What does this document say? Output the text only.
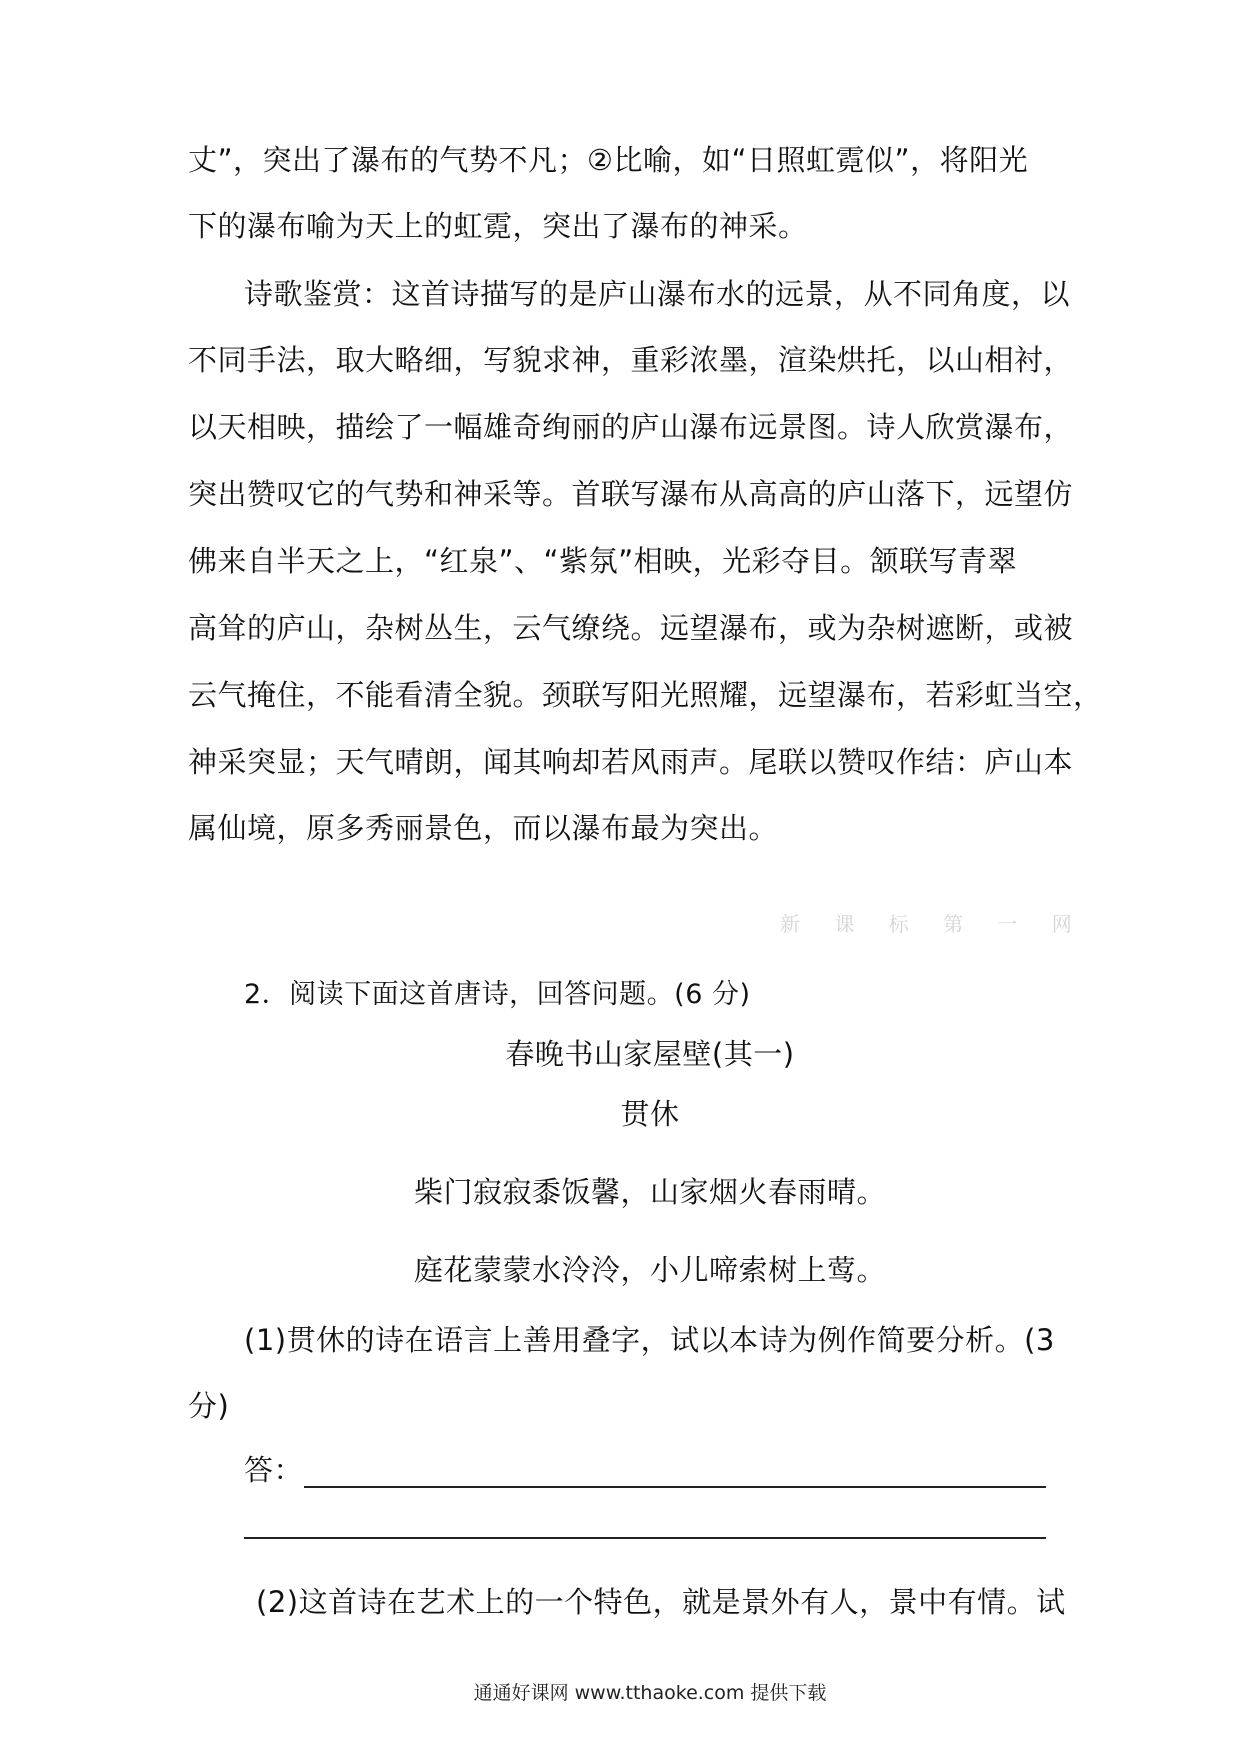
丈”，突出了瀑布的气势不凡；②比喻，如“日照虹霓似”，将阳光
下的瀑布喻为天上的虹霓，突出了瀑布的神采。
诗歌鉴赏：这首诗描写的是庐山瀑布水的远景，从不同角度，以
不同手法，取大略细，写貌求神，重彩浓墨，渲染烘托，以山相衬，
以天相映，描绘了一幅雄奇绚丽的庐山瀑布远景图。诗人欣赏瀑布，
突出赞叹它的气势和神采等。首联写瀑布从高高的庐山落下，远望仿
佛来自半天之上，“红泉”、“紫氛”相映，光彩夺目。颔联写青翠
高耸的庐山，杂树丛生，云气缭绕。远望瀑布，或为杂树遮断，或被
云气掩住，不能看清全貌。颈联写阳光照耀，远望瀑布，若彩虹当空，
神采突显；天气晴朗，闻其响却若风雨声。尾联以赞叹作结：庐山本
属仙境，原多秀丽景色，而以瀑布最为突出。
新 课 标 第 一 网
2．阅读下面这首唐诗，回答问题。(6 分)
春晚书山家屋壁(其一)
贯休
柴门寂寂黍饭馨，山家烟火春雨晴。
庭花蒙蒙水泠泠，小儿啼索树上莺。
(1)贯休的诗在语言上善用叠字，试以本诗为例作简要分析。(3
分)
答：
(2)这首诗在艺术上的一个特色，就是景外有人，景中有情。试
通通好课网 www.tthaoke.com 提供下载
